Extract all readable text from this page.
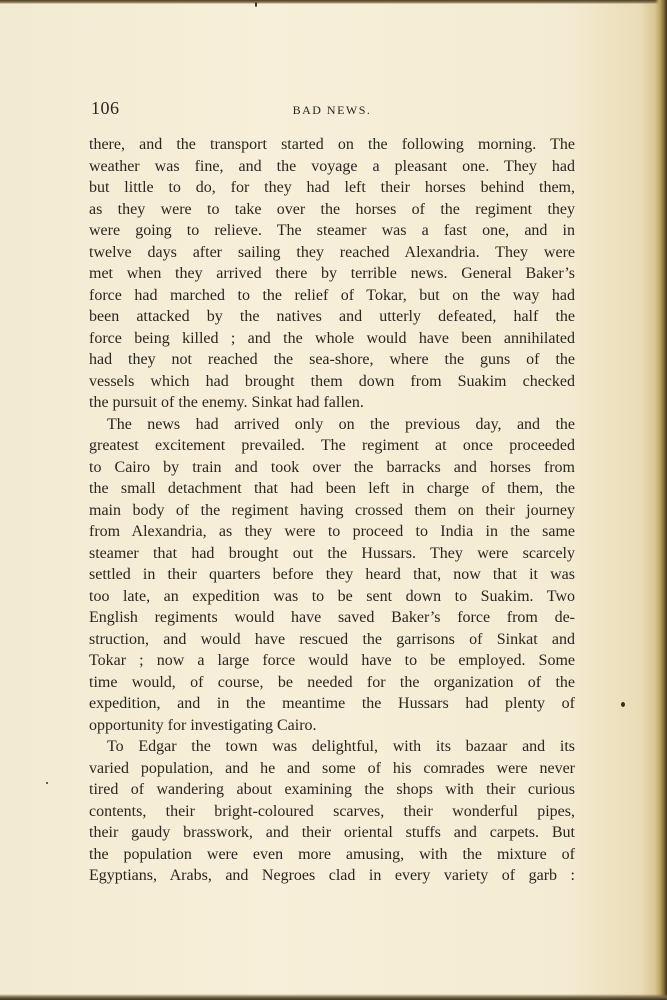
106	BAD NEWS.
there, and the transport started on the following morning. The
weather was fine, and the voyage a pleasant one. They had
but little to do, for they had left their horses behind them,
as they were to take over the horses of the regiment they
were going to relieve. The steamer was a fast one, and in
twelve days after sailing they reached Alexandria. They were
met when they arrived there by terrible news. General Baker’s
force had marched to the relief of Tokar, but on the way had
been attacked by the natives and utterly defeated, half the
force being killed ; and the whole would have been annihilated
had they not reached the sea-shore, where the guns of the
vessels which had brought them down from Suakim checked
the pursuit of the enemy. Sinkat had fallen.
The news had arrived only on the previous day, and the
greatest excitement prevailed. The regiment at once proceeded
to Cairo by train and took over the barracks and horses from
the small detachment that had been left in charge of them, the
main body of the regiment having crossed them on their journey
from Alexandria, as they were to proceed to India in the same
steamer that had brought out the Hussars. They were scarcely
settled in their quarters before they heard that, now that it was
too late, an expedition was to be sent down to Suakim. Two
English regiments would have saved Baker’s force from de-
struction, and would have rescued the garrisons of Sinkat and
Tokar ; now a large force would have to be employed. Some
time would, of course, be needed for the organization of the
expedition, and in the meantime the Hussars had plenty of
opportunity for investigating Cairo.
To Edgar the town was delightful, with its bazaar and its
varied population, and he and some of his comrades were never
tired of wandering about examining the shops with their curious
contents, their bright-coloured scarves, their wonderful pipes,
their gaudy brasswork, and their oriental stuffs and carpets. But
the population were even more amusing, with the mixture of
Egyptians, Arabs, and Negroes clad in every variety of garb :
